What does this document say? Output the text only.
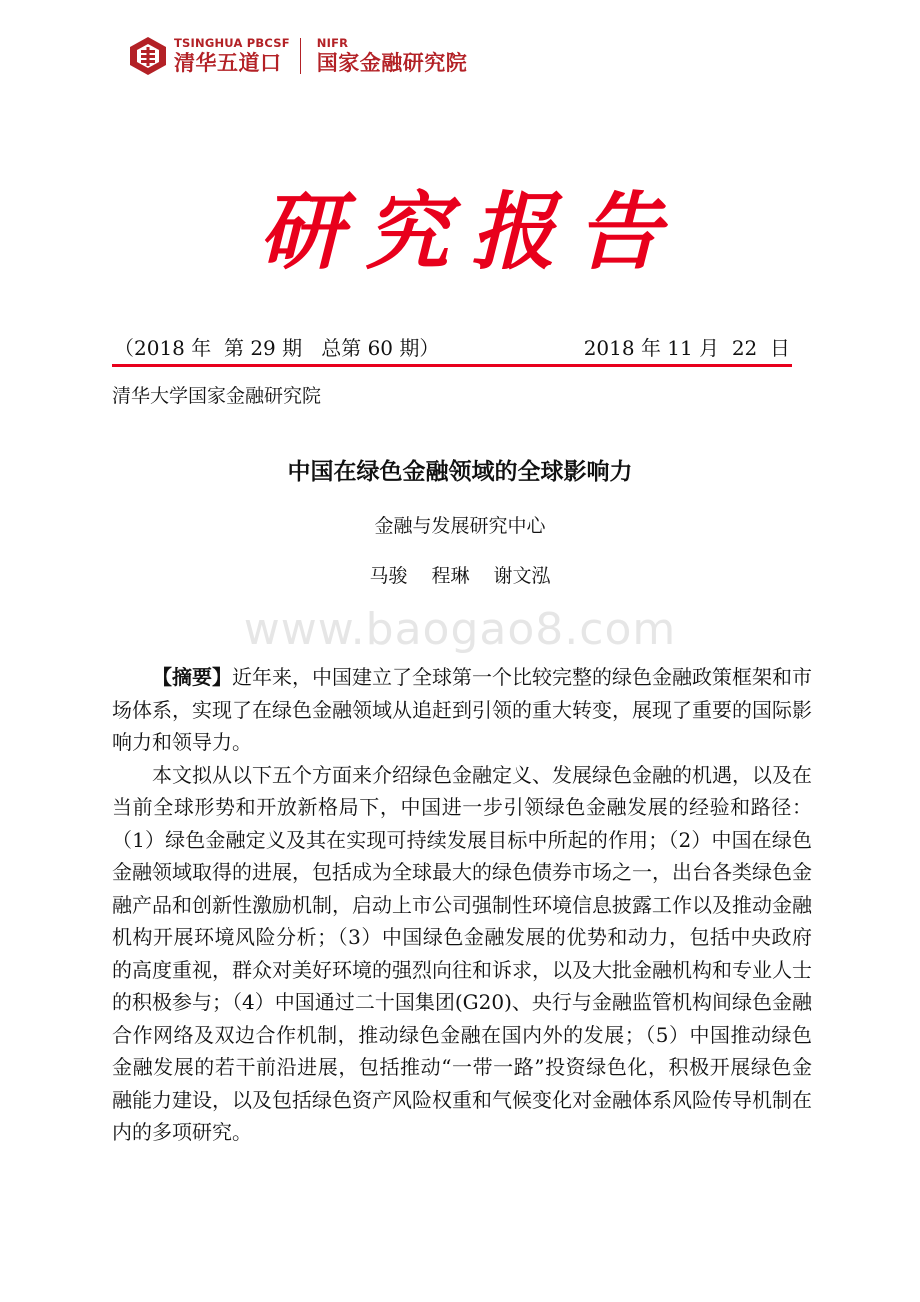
TSINGHUA PBCSF
清华五道口
NIFR
国家金融研究院
研究报告
（2018 年  第 29 期   总第 60 期）	2018 年 11 月  22  日
清华大学国家金融研究院
中国在绿色金融领域的全球影响力
金融与发展研究中心
马骏 程琳 谢文泓
www.baogao8.com

【摘要】近年来，中国建立了全球第一个比较完整的绿色金融政策框架和市场体系，实现了在绿色金融领域从追赶到引领的重大转变，展现了重要的国际影响力和领导力。

本文拟从以下五个方面来介绍绿色金融定义、发展绿色金融的机遇，以及在当前全球形势和开放新格局下，中国进一步引领绿色金融发展的经验和路径：（1）绿色金融定义及其在实现可持续发展目标中所起的作用；（2）中国在绿色金融领域取得的进展，包括成为全球最大的绿色债券市场之一，出台各类绿色金融产品和创新性激励机制，启动上市公司强制性环境信息披露工作以及推动金融机构开展环境风险分析；（3）中国绿色金融发展的优势和动力，包括中央政府的高度重视，群众对美好环境的强烈向往和诉求，以及大批金融机构和专业人士的积极参与；（4）中国通过二十国集团(G20)、央行与金融监管机构间绿色金融合作网络及双边合作机制，推动绿色金融在国内外的发展；（5）中国推动绿色金融发展的若干前沿进展，包括推动“一带一路”投资绿色化，积极开展绿色金融能力建设，以及包括绿色资产风险权重和气候变化对金融体系风险传导机制在内的多项研究。
